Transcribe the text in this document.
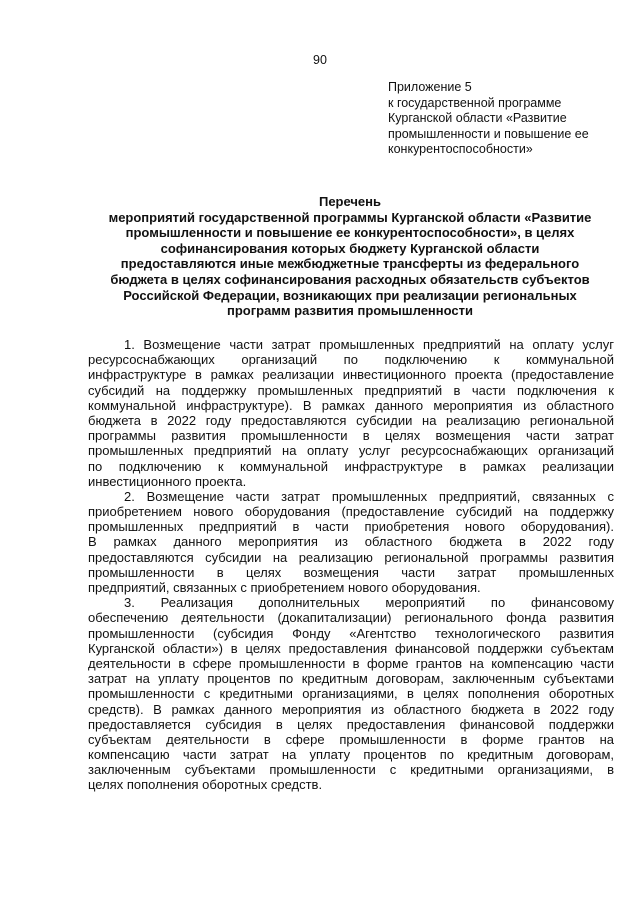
90
Приложение 5
к государственной программе
Курганской области «Развитие
промышленности и повышение ее
конкурентоспособности»
Перечень
мероприятий государственной программы Курганской области «Развитие
промышленности и повышение ее конкурентоспособности», в целях
софинансирования которых бюджету Курганской области
предоставляются иные межбюджетные трансферты из федерального
бюджета в целях софинансирования расходных обязательств субъектов
Российской Федерации, возникающих при реализации региональных
программ развития промышленности
1. Возмещение части затрат промышленных предприятий на оплату услуг
ресурсоснабжающих организаций по подключению к коммунальной
инфраструктуре в рамках реализации инвестиционного проекта (предоставление
субсидий на поддержку промышленных предприятий в части подключения к
коммунальной инфраструктуре). В рамках данного мероприятия из областного
бюджета в 2022 году предоставляются субсидии на реализацию региональной
программы развития промышленности в целях возмещения части затрат
промышленных предприятий на оплату услуг ресурсоснабжающих организаций
по подключению к коммунальной инфраструктуре в рамках реализации
инвестиционного проекта.
2. Возмещение части затрат промышленных предприятий, связанных с
приобретением нового оборудования (предоставление субсидий на поддержку
промышленных предприятий в части приобретения нового оборудования).
В рамках данного мероприятия из областного бюджета в 2022 году
предоставляются субсидии на реализацию региональной программы развития
промышленности в целях возмещения части затрат промышленных
предприятий, связанных с приобретением нового оборудования.
3. Реализация дополнительных мероприятий по финансовому
обеспечению деятельности (докапитализации) регионального фонда развития
промышленности (субсидия Фонду «Агентство технологического развития
Курганской области») в целях предоставления финансовой поддержки субъектам
деятельности в сфере промышленности в форме грантов на компенсацию части
затрат на уплату процентов по кредитным договорам, заключенным субъектами
промышленности с кредитными организациями, в целях пополнения оборотных
средств). В рамках данного мероприятия из областного бюджета в 2022 году
предоставляется субсидия в целях предоставления финансовой поддержки
субъектам деятельности в сфере промышленности в форме грантов на
компенсацию части затрат на уплату процентов по кредитным договорам,
заключенным субъектами промышленности с кредитными организациями, в
целях пополнения оборотных средств.
